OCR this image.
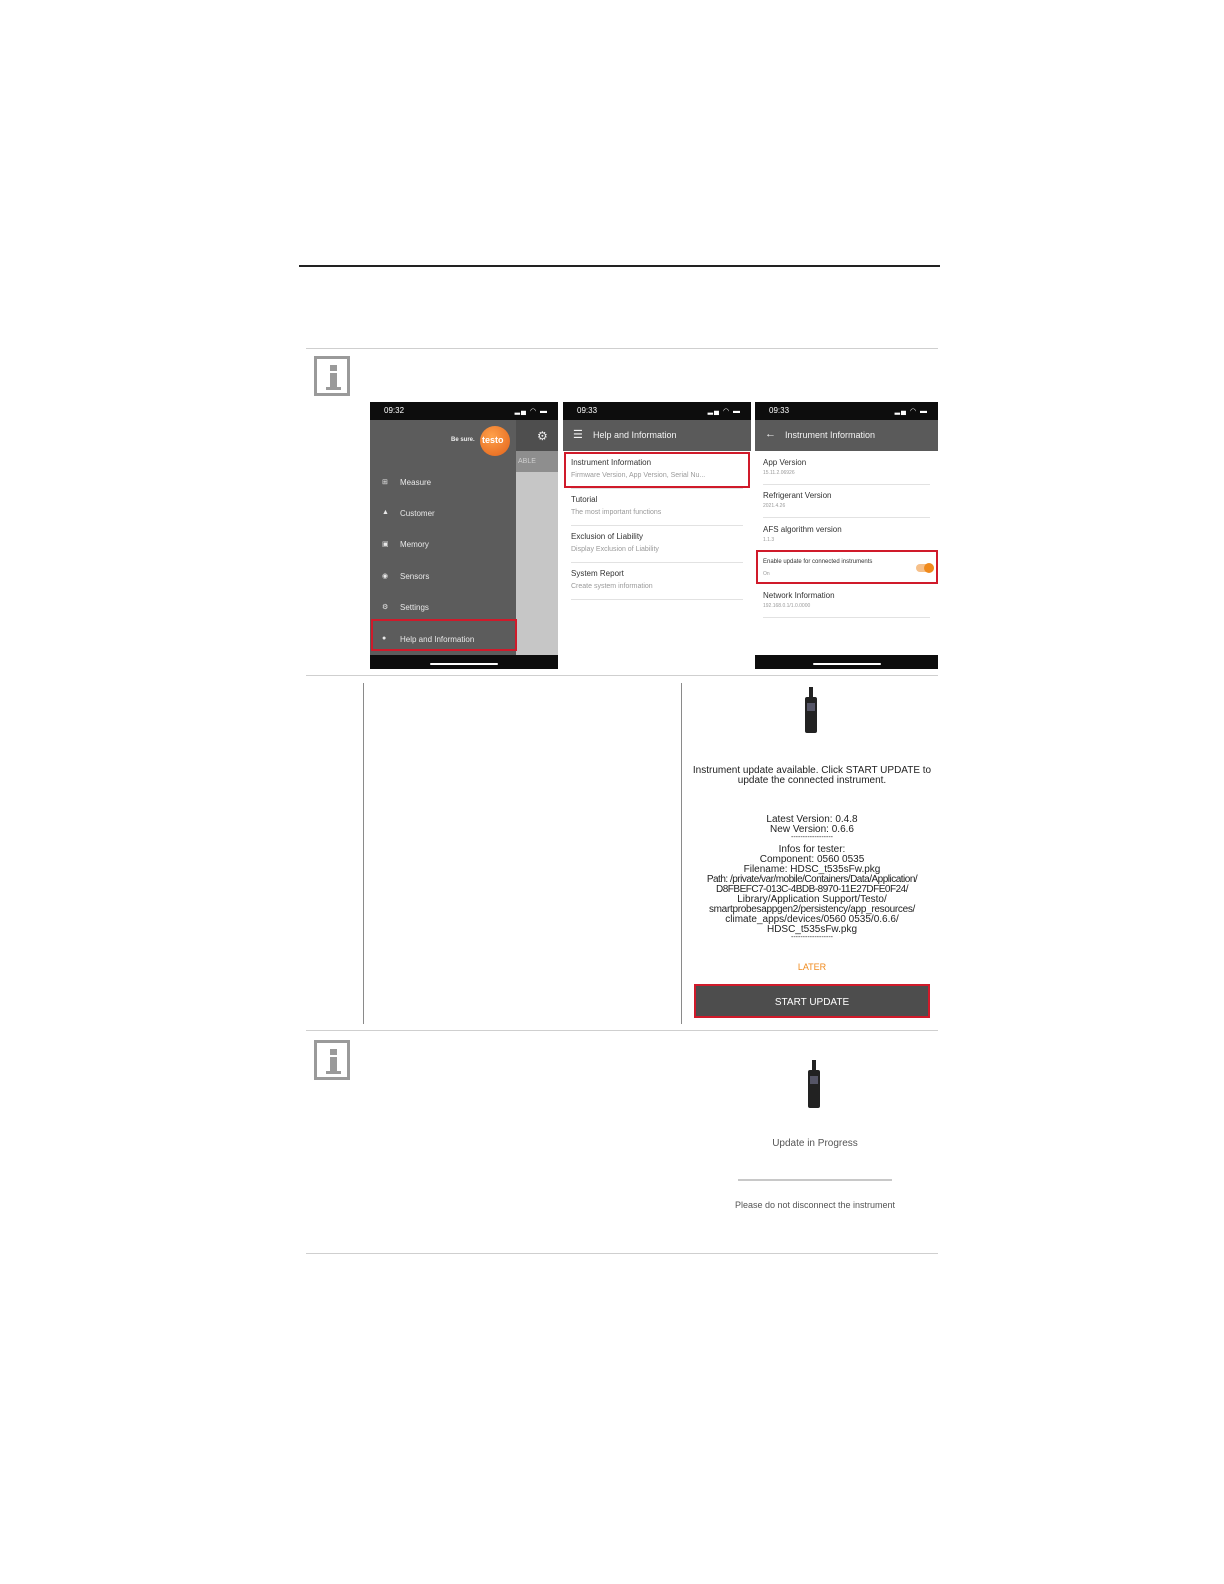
ABLE
09:32	▂▄ ◠ ▬
Be sure. testo
⊞ Measure
▲ Customer
▣ Memory
◉ Sensors
⚙ Settings
● Help and Information
⚙
09:33	▂▄ ◠ ▬
☰ Help and Information
Instrument Information
Firmware Version, App Version, Serial Nu...
Tutorial
The most important functions
Exclusion of Liability
Display Exclusion of Liability
System Report
Create system information
09:33	▂▄ ◠ ▬
← Instrument Information
App Version
15.11.2.06926
Refrigerant Version
2021.4.26
AFS algorithm version
1.1.3
Enable update for connected instruments
On
Network Information
192.168.0.1/1.0.0000
Instrument update available. Click START UPDATE to update the connected instrument.
Latest Version: 0.4.8
New Version: 0.6.6
------------------
Infos for tester:
Component: 0560 0535
Filename: HDSC_t535sFw.pkg
Path: /private/var/mobile/Containers/Data/Application/
D8FBEFC7-013C-4BDB-8970-11E27DFE0F24/
Library/Application Support/Testo/
smartprobesappgen2/persistency/app_resources/
climate_apps/devices/0560 0535/0.6.6/
HDSC_t535sFw.pkg
------------------
LATER
START UPDATE
Update in Progress
Please do not disconnect the instrument
